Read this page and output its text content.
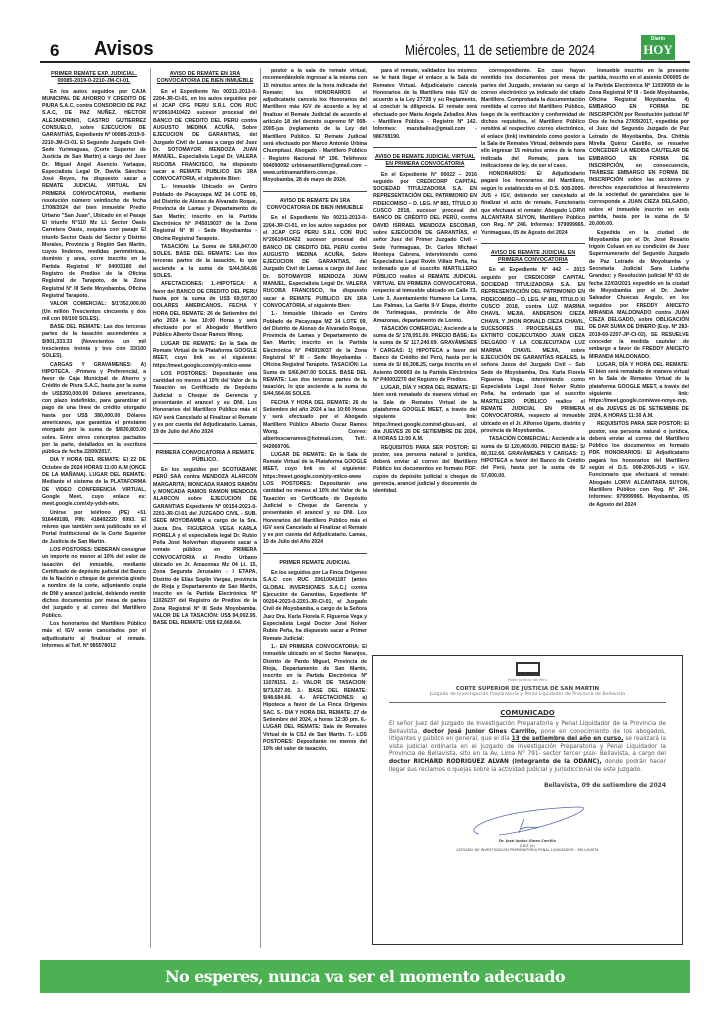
6 Avisos	Miércoles, 11 de setiembre de 2024
Diario
HOY
PRIMER REMATE EXP. JUDICIAL. 00085-2019-0-2210-JM-CI-01.

En los autos seguidos por CAJA MUNICIPAL DE AHORRO Y CREDITO DE PIURA S.A.C, contra CONSORCIO DE PAZ S.A.C, DE PAZ NUÑEZ, HECTOR ALEJANDRINO, CASTRO GUTIERREZ CONSUELO, sobre EJECUCION DE GARANTIAS, Expediente Nº 00085-2019-0-2210-JM-CI-01. El Segundo Juzgado Civil-Sede Yurimaguas, (Corte Superior de Justicia de San Martín) a cargo del Juez Dr. Miguel Angel Asencio Yarlaque, Especialista Legal Dr. Davila Sánchez José Reyes, ha dispuesto sacar a REMATE JUDICIAL VIRTUAL EN PRIMERA CONVOCATORIA, mediante resolución número veintiocho de fecha 17/08/2024 del bien inmueble Predio Urbano "San Juan", Ubicado en el Pasaje El triunfo N°110 Mz Ll. Sector Oasis Carretera Oasis, esquina con pasaje El triunfo Sector Oasis del Sector y Distrito Morales, Provincia y Región San Martín, cuyos linderos, medidas perimétricas, dominio y area, corre inscrito en la Partida Registral N° 04003180 del Registro de Predios de la Oficina Registral de Tarapoto, de la Zona Registral N° III Sede Moyobamba, Oficina Registral Tarapoto.

VALOR COMERCIAL: $/1'352,000.00 (Un millón Trescientos cincuenta y dos mil con 00/100 SOLES).

BASE DEL REMATE: Las dos terceras partes de la tasación ascendentes a $/901,333.33 (Novecientos un mil trescientos treinta y tres con 33/100 SOLES).

CARGAS Y GRAVAMENES: A) HIPOTECA. -Primera y Preferencial, a favor de Caja Municipal de Ahorro y Crédito de Piura S.A.C, hasta por la suma de US$350,000.00 Dólares americanos, con plazo indefinido, para garantizar el pago de una línea de crédito otorgado hasta por US$ 380,000.00 Dólares americanos, que garantiza el préstamo otorgado por la suma de $/830,803.00 soles. Entre otros conceptos pactados por la parte, detallados en la escritura pública de fecha 22/09/2017.

DIA Y HORA DEL REMATE: El 22 DE Octubre de 2024 HORAS 11:00 A.M (ONCE DE LA MAÑANA). LUGAR DEL REMATE: Mediante el sistema de la PLATAFORMA DE VIDEO CONFERENCIA VIRTUAL, Google Meet, cuyo enlace es: meet.google.com/xiy-ydsh-wtn.

Unirse por teléfono (PE) +51 916449188, PIN: 418492220 6993. El mismo que también será publicado en el Portal Institucional de la Corte Superior de Justicia de San Martín.

LOS POSTORES: DEBERAN consignar un importe no menor al 10% del valor de tasación del inmueble, mediante Certificado de depósito judicial del Banco de la Nación o cheque de gerencia girado a nombre de la corte, adjuntando copia de DNI y arancel judicial, debiendo remitir dichos documentos por mesa de partes del juzgado y al correo del Martillero Público.

Los honorarios del Martillero Público más el IGV serán cancelados por el adjudicatario al finalizar el remate. Informes al Telf. Nº 985578012

AVISO DE REMATE EN 1RA CONVOCATORIA DE BIEN INMUEBLE

En el Expediente No 00211-2013-0-2204-JR-CI-01, en los autos seguidos por el JCAP CFG PERU S.R.L CON RUC N°20610410422 sucesor procesal del BANCO DE CREDITO DEL PERU contra AUGUSTO MEDINA ACUÑA, Sobre EJECUCION DE GARANTIAS, del Juzgado Civil de Lamas a cargo del Juez Dr. SOTOMAYOR MENDOZA JUAN MANUEL, Especialista Legal Dr. VALERA RUCOBA FRANCISCO, ha dispuesto sacar a REMATE PUBLICO EN 1RA CONVOCATORIA, el siguiente Bien:

1.- Inmueble Ubicado en Centro Poblado de Pacayzapa MZ 34 LOTE 09, del Distrito de Alonso de Alvarado Roque, Provincia de Lamas y Departamento de San Martín; inscrito en la Partida Electrónica N° P45019037 de la Zona Registral N° III - Sede Moyobamba - Oficina Registral Tarapoto.

TASACIÓN: La Suma de S/66,847.00 SOLES. BASE DEL REMATE: Las dos terceras partes de la tasación, lo que asciende a la suma de S/44,564.66 SOLES.

AFECTACIONES: 1.-HIPOTECA: A favor del BANCO DE CREDITO DEL PERU hasta por la suma de US$ 69,597.00 DOLARES AMERICANOS. FECHA Y HORA DEL REMATE: 26 de Setiembre del año 2024 a las 10:00 Horas y será efectuado por el Abogado Martillero Público Alberto Oscar Ramos Wong.

LUGAR DE REMATE: En la Sala de Remate Virtual de la Plataforma GOOGLE MEET, cuyo link es el siguiente: https://meet.google.com/yiy-mtico-www

LOS POSTORES: Depositarán una cantidad no menos al 10% del Valor de la Tasación en Certificado de Depósito Judicial o Cheque de Gerencia y presentarán el arancel y su DNI. Los Honorarios del Martillero Público más el IGV será Cancelado al Finalizar el Remate y es por cuenta del Adjudicatario. Lamas, 19 de Julio del Año 2024

PRIMERA CONVOCATORIA A REMATE PÚBLICO.

En los seguidos por SCOTIABANK PERÚ SAA contra MENDOZA ALARCON MARGARITA; MONCADA RAMOS RAMÓN y MONCADA RAMOS RAMON MENDOZA ALARCON sobre EJECUCION DE GARANTIAS Expediente Nº 00154-2021-0-2201-JR-CI-01 del JUZGADO CIVIL - SUB. SEDE MOYOBAMBA a cargo de la Sra. Jueza Dra. FIGUEROA VEGA KARLA FIORELA y el especialista legal Dr. Rubio Peña José Nolverhan dispuesto sacar a remate público en PRIMERA CONVOCATORIA el Predio Urbano ubicado en Jr. Amazonas Mz 04 Lt. 15, Zona Segunda Jerusalén - I ETAPA, Distrito de Elías Soplín Vargas, provincia de Rioja y Departamento de San Martín, inscrito en la Partida Electrónica Nº 11026237 del Registro de Predios de la Zona Registral Nº III Sede Moyobamba. VALOR DE LA TASACIÓN: US$ 94,002.95. BASE DEL REMATE: US$ 62,668.64.

postor a la sala de remate virtual, recomendándole ingresar a la misma con 15 minutos antes de la hora indicada del Remate; los HONORARIOS el adjudicatario cancela los Honorarios del Martillero más IGV de acuerdo a ley al finalizar el Remate Judicial de acuerdo al artículo 18 del decreto supremo Nº 008-2005-jus (reglamento de la Ley del Martillero Público. El Remate Judicial será efectuado por Marco Antonio Urbina Chumpitasi. Abogado - Martillero Público - Registro Nacional Nº 196. Teléfonos 994090092 urbinamartillero@gmail.com – www.urbinamartillero.com.pe. Moyobamba, 28 de mayo de 2024.

AVISO DE REMATE EN 1RA CONVOCATORIA DE BIEN INMUEBLE

En el Expediente No 00211-2013-0-2204-JR-CI-01, en los autos seguidos por el JCAP CFG PERU S.R.L CON RUC N°20610410422 sucesor procesal del BANCO DE CREDITO DEL PERU contra AUGUSTO MEDINA ACUÑA, Sobre EJECUCION DE GARANTIAS, del Juzgado Civil de Lamas a cargo del Juez Dr. SOTOMAYOR MENDOZA JUAN MANUEL, Especialista Legal Dr. VALERA RUCOBA FRANCISCO, ha dispuesto sacar a REMATE PUBLICO EN 1RA CONVOCATORIA, el siguiente Bien:

1.- Inmueble Ubicado en Centro Poblado de Pacayzapa MZ 34 LOTE 09, del Distrito de Alonso de Alvarado Roque, Provincia de Lamas y Departamento de San Martín; inscrito en la Partida Electrónica N° P45019037 de la Zona Registral N° III - Sede Moyobamba - Oficina Registral Tarapoto. TASACIÓN: La Suma de S/66,847.00 SOLES. BASE DEL REMATE: Las dos terceras partes de la tasación, lo que asciende a la suma de S/44,564.66 SOLES.

FECHA Y HORA DEL REMATE: 26 de Setiembre del año 2024 a las 10:00 Horas y será efectuado por el Abogado Martillero Público Alberto Oscar Ramos Wong. Correo: albertoscarramos@hotmail.com, Telf.: 942069706.

LUGAR DE REMATE: En la Sala de Remate Virtual de la Plataforma GOOGLE MEET, cuyo link es el siguiente: https://meet.google.com/yiy-mtico-www LOS POSTORES: Depositarán una cantidad no menos al 10% del Valor de la Tasación en Certificado de Depósito Judicial o Cheque de Gerencia y presentarán el arancel y su DNI. Los Honorarios del Martillero Público más el IGV será Cancelado al Finalizar el Remate y es por cuenta del Adjudicatario. Lamas, 19 de Julio del Año 2024

PRIMER REMATE JUDICIAL

En los seguidos por La Finca Orígenes S.A.C con RUC 20610041187 (antes GLOBAL INVERSIONES S.A.C.) contra Ejecución de Garantías, Expediente Nº 00204-2023-0-2201-JR-CI-01, el Juzgado Civil de Moyobamba, a cargo de la Señora Juez Dra. Karla Fiorela F. Figueroa Vega y Especialista Legal Doctor José Nolver Rubio Peña, ha dispuesto sacar a Primer Remate Judicial:

1.- EN PRIMERA CONVOCATORIA: El inmueble ubicado en el Sector Naranjos, Distrito de Pardo Miguel, Provincia de Rioja, Departamento de San Martín, inscrito en la Partida Electrónica Nº 11078151. 2.- VALOR DE TASACION: $/73,027.00. 3.- BASE DEL REMATE: $/48,684.66. 4.- AFECTACIONES: a) Hipoteca a favor de La Finca Orígenes SAC. 5.- DIA Y HORA DEL REMATE: 27 de Setiembre del 2024, a horas 12:30 pm. 6.- LUGAR DEL REMATE: Sala de Remates Virtual de la CSJ de San Martín. 7.- LOS POSTORES: Depositarán no menos del 10% del valor de tasación.

para el remate, validados los mismos se le hará llegar el enlace a la Sala de Remates Virtual. Adjudicatario cancela Honorarios de la Martillera más IGV de acuerdo a la Ley 27728 y su Reglamento, al concluir la diligencia. El remate será efectuado por María Angela Zeballos Alva - Martillera Pública - Registro Nº 142. Informes: mazeballos@gmail.com - 986708190.

AVISO DE REMATE JUDICIAL VIRTUAL EN PRIMERA CONVOCATORIA

En el Expediente N° 00022 – 2016 seguido por CREDICORP CAPITAL SOCIEDAD TITULIZADORA S.A. EN REPRESENTACIÓN DEL PATRIMONIO EN FIDEICOMISO – D. LEG. Nº 881, TÍTULO XI CUSCO 2018, sucesor procesal del BANCO DE CRÉDITO DEL PERÚ, contra DAVID ISRRAEL MENDOZA ESCOBAR, sobre EJECUCIÓN DE GARANTÍAS, el señor Juez del Primer Juzgado Civil – Sede Yurimaguas, Dr. Carlos Michael Montoya Cabrera, interviniendo como Especialista Legal Rovin Villaiz Peña, ha ordenado que el suscrito MARTILLERO PÚBLICO realice el REMATE JUDICIAL VIRTUAL EN PRIMERA CONVOCATORIA, respecto al inmueble ubicado en Calle 73, Lote 3, Asentamiento Humano La Loma, Las Palmas, La Garita II-V Etapa, distrito de Yurimaguas, provincia de Alto Amazonas, departamento de Loreto.

TASACIÓN COMERCIAL: Asciende a la suma de S/ 178,051.00. PRECIO BASE: Es la suma de S/ 117,240.69. GRAVÁMENES Y CARGAS: 1) HIPOTECA a favor del Banco de Crédito del Perú, hasta por la suma de S/ 60,308.25, carga inscrita en el Asiento D00003 de la Partida Electrónica Nº P40002270 del Registro de Predios.

LUGAR, DÍA Y HORA DEL REMATE: El bien será rematado de manera virtual en la Sala de Remates Virtual de la plataforma GOOGLE MEET, a través del siguiente link: https://meet.google.com/raf-gbus-ani, el día JUEVES 26 DE SETIEMBRE DE 2024, A HORAS 11:00 A.M.

REQUISITOS PARA SER POSTOR: El postor, sea persona natural o jurídica, deberá enviar al correo del Martillero Público los documentos en formato PDF: cupón de depósito judicial o cheque de gerencia, arancel judicial y documento de identidad.

correspondiente. En caso hayan remitido los documentos por mesa de partes del Juzgado, enviarán su cargo al correo electrónico ya indicado del citado Martillero. Comprobada la documentación remitida al correo del Martillero Público, luego de la verificación y conformidad de dichos requisitos, el Martillero Público remitirá al respectivo correo electrónico, el enlace (link) invitándolo como postor a la Sala de Remates Virtual, debiendo para ello ingresar 15 minutos antes de la hora indicada del Remate, para las indicaciones de ley, de ser el caso.

HONORARIOS: El Adjudicatario pagará los honorarios del Martillero, según lo establecido en el D.S. 008-2005-JUS + IGV, debiendo ser cancelado al finalizar el acto de remate. Funcionario que efectuará el remate: Abogado LORVI ALCANTARA SUYON, Martillero Público con Reg. Nº 246. Informes: 979999965. Yurimaguas, 05 de Agosto del 2024

AVISO DE REMATE JUDICIAL EN PRIMERA CONVOCATORIA

En el Expediente N° 442 – 2013 seguido por CREDICORP CAPITAL SOCIEDAD TITULIZADORA S.A. EN REPRESENTACIÓN DEL PATRIMONIO EN FIDEICOMISO – D. LEG. Nº 881, TÍTULO XI CUSCO 2018, contra LUZ MARINA CHAVIL MEJIA, ANDERSON CIEZA CHAVIL Y JHON RONALD CIEZA CHAVIL, SUCESORES PROCESALES DEL EXTINTO COEJECUTADO JUAN CIEZA DELGADO Y LA COEJECUTADA LUZ MARINA CHAVIL MEJIA, sobre EJECUCIÓN DE GARANTÍAS REALES, la señora Jueza del Juzgado Civil – Sub Sede de Moyobamba, Dra. Karla Fiorela Figueroa Vega, interviniendo como Especialista Legal José Nolver Rubio Peña, ha ordenado que el suscrito MARTILLERO PÚBLICO realice el REMATE JUDICIAL EN PRIMERA CONVOCATORIA, respecto al inmueble ubicado en el Jr. Alfonso Ugarte, distrito y provincia de Moyobamba.

TASACIÓN COMERCIAL: Asciende a la suma de S/ 120,469.00. PRECIO BASE: S/ 80,312.66. GRAVÁMENES Y CARGAS: 1) HIPOTECA a favor del Banco de Crédito del Perú, hasta por la suma de S/ 57,600.00.

Inmueble inscrito en la presente partida, inscrito en el asiento D00005 de la Partida Electrónica Nº 11039059 de la Zona Registral Nº III - Sede Moyobamba, Oficina Registral Moyobamba. 4) EMBARGO EN FORMA DE INSCRIPCIÓN por Resolución judicial Nº Dos de fecha 27/09/2017, expedida por el Juez del Segundo Juzgado de Paz Letrado de Moyobamba, Dra. Chithia Mirella Quiroz Castillo, se resuelve CONCEDER LA MEDIDA CAUTELAR DE EMBARGO EN FORMA DE INSCRIPCIÓN, en consecuencia, TRÁBESE EMBARGO EN FORMA DE INSCRIPCIÓN sobre las acciones y derechos expectaticios al fenecimiento de la sociedad de gananciales que le corresponde a JUAN CIEZA DELGADO, sobre el inmueble inscrito en esta partida, hasta por la suma de S/ 20,000.00.

Expedida en la ciudad de Moyobamba por el Dr. José Rosario Irigoin Coluan en su condición de Juez Supernumerario del Segundo Juzgado de Paz Letrado de Moyobamba y Secretaria Judicial Sara Ludeña Grandez; y Resolución judicial Nº 03 de fecha 22/03/2021 expedido en la ciudad de Moyobamba por el Dr. Javier Salvador Chuecas Angulo, en los seguidos por FREDDY ANICETO MIRANDA MALDONADO contra JUAN CIEZA DELGADO, sobre OBLIGACIÓN DE DAR SUMA DE DINERO (Exp. Nº 283-2019-69-2207-JP-CI-02), SE RESUELVE conceder la medida cautelar de embargo a favor de FREDDY ANICETO MIRANDA MALDONADO.

LUGAR, DÍA Y HORA DEL REMATE: El bien será rematado de manera virtual en la Sala de Remates Virtual de la plataforma GOOGLE MEET, a través del siguiente link: https://meet.google.com/wve-nmye-zvp, el día JUEVES 26 DE SETIEMBRE DE 2024, A HORAS 11:30 A.M.

REQUISITOS PARA SER POSTOR: El postor, sea persona natural o jurídica, deberá enviar al correo del Martillero Público los documentos en formato PDF. HONORARIOS: El Adjudicatario pagará los honorarios del Martillero según el D.S. 008-2005-JUS + IGV. Funcionario que efectuará el remate: Abogado LORVI ALCANTARA SUYON, Martillero Público con Reg. Nº 246. Informes: 979999965. Moyobamba, 05 de Agosto del 2024

Poder Judicial del Perú
CORTE SUPERIOR DE JUSTICIA DE SAN MARTIN
Juzgado de Investigación Preparatoria y Penal Liquidador de Provincia de Bellavista
COMUNICADO
El señor Juez del Juzgado de Investigación Preparatoria y Penal Liquidador de la Provincia de Bellavista, doctor José Junior Gines Carrillo, pone en conocimiento de los abogados, litigantes y público en general, que el día 13 de setiembre del año en curso, se realizará la vista judicial ordinaria en el Juzgado de Investigación Preparatoria y Penal Liquidador la Provincia de Bellavista, sito en la Av. Lima N° 791- sector tercer piso- Bellavista, a cargo del doctor RICHARD RODRIGUEZ ALVAN (Integrante de la ODANC), donde podrán hacer llegar sus reclamos o quejas sobre la actividad judicial y jurisdiccional de este Juzgado.
Bellavista, 09 de setiembre de 2024
Dr. José Junior Gines Carrillo
JUEZ (e)
JUZGADO DE INVESTIGACIÓN PREPARATORIA PENAL LIQUIDADOR - BELLAVISTA
No esperes, nunca va ser el momento adecuado
